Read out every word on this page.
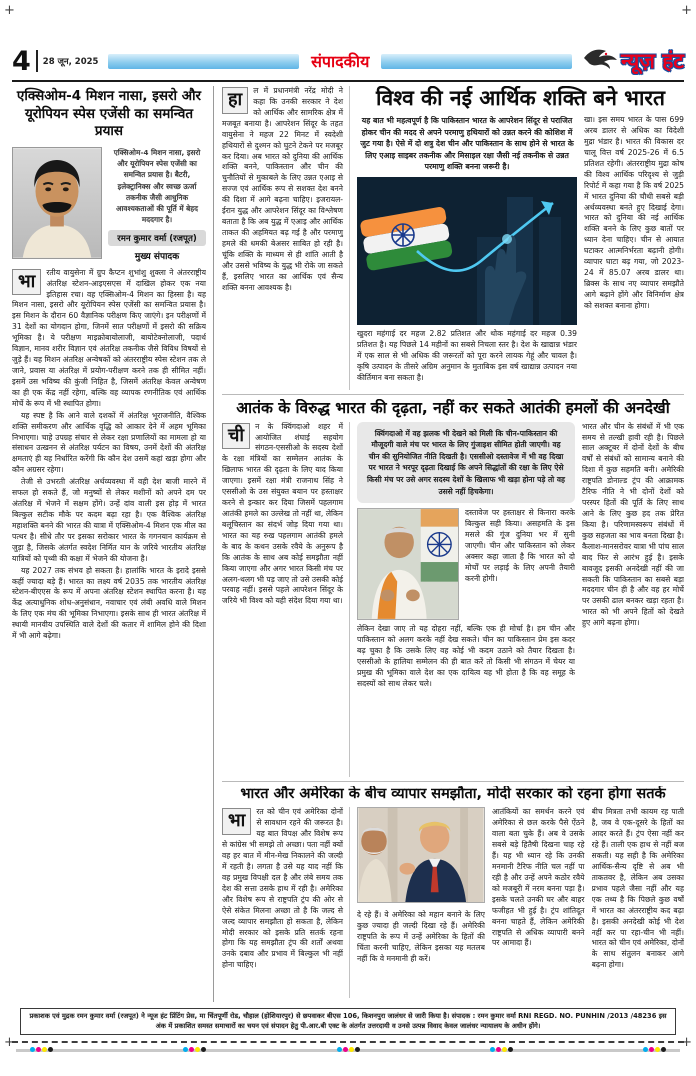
+	+
+	+
4 28 जून, 2025	संपादकीय	न्यूज़ हंट
एक्सिओम-4 मिशन नासा, इसरो और यूरोपियन स्पेस एजेंसी का समन्वित प्रयास
एक्सिओम-4 मिशन नासा, इसरो और यूरोपियन स्पेस एजेंसी का समन्वित प्रयास है। बैटरी, इलेक्ट्रानिक्स और स्वच्छ ऊर्जा तकनीक जैसी आधुनिक आवश्यकताओं की पूर्ति में बेहद मददगार है।
रमन कुमार वर्मा (रजपूत)
मुख्य संपादक

भा	रतीय वायुसेना में ग्रुप कैप्टन शुभांशु शुक्ला ने अंतरराष्ट्रीय अंतरिक्ष स्टेशन-आइएसएस में दाखिल होकर एक नया इतिहास रचा। वह एक्सिओम-4 मिशन का हिस्सा है। यह मिशन नासा, इसरो और यूरोपियन स्पेस एजेंसी का समन्वित प्रयास है। इस मिशन के दौरान 60 वैज्ञानिक परीक्षण किए जाएंगे। इन परीक्षणों में 31 देशों का योगदान होगा, जिनमें सात परीक्षणों में इसरो की सक्रिय भूमिका है। ये परीक्षण माइक्रोबायोलाजी, बायोटेक्नोलाजी, पदार्थ विज्ञान, मानव शरीर विज्ञान एवं अंतरिक्ष तकनीक जैसे विविध विषयों से जुड़े हैं। यह मिशन अंतरिक्ष अन्वेषकों को अंतरराष्ट्रीय स्पेस स्टेशन तक ले जाने, प्रवास या अंतरिक्ष में प्रयोग-परीक्षण करने तक ही सीमित नहीं। इसमें उस भविष्य की कुंजी निहित है, जिसमें अंतरिक्ष केवल अन्वेषण का ही एक केंद्र नहीं रहेगा, बल्कि वह व्यापक रणनीतिक एवं आर्थिक मोर्चे के रूप में भी स्थापित होगा।

यह स्पष्ट है कि आने वाले दशकों में अंतरिक्ष भूराजनीति, वैश्विक शक्ति समीकरण और आर्थिक वृद्धि को आकार देने में अहम भूमिका निभाएगा। चाहे उपग्रह संचार से लेकर रक्षा प्रणालियों का मामला हो या संसाधन उत्खनन से अंतरिक्ष पर्यटन का विषय, उनमें देशों की अंतरिक्ष क्षमताएं ही यह निर्धारित करेंगी कि कौन देश उसमें कहां खड़ा होगा और कौन अग्रसर रहेगा।

तेजी से उभरती अंतरिक्ष अर्थव्यवस्था में वही देश बाजी मारने में सफल हो सकते हैं, जो मनुष्यों से लेकर मशीनों को अपने दम पर अंतरिक्ष में भेजने में सक्षम होंगे। उन्हें दांव वाली इस होड़ में भारत बिल्कुल सटीक मौके पर कदम बढ़ा रहा है। एक वैश्विक अंतरिक्ष महाशक्ति बनने की भारत की यात्रा में एक्सिओम-4 मिशन एक मील का पत्थर है। सीधे तौर पर इसका सरोकार भारत के गगनयान कार्यक्रम से जुड़ा है, जिसके अंतर्गत स्वदेश निर्मित यान के जरिये भारतीय अंतरिक्ष यात्रियों को पृथ्वी की कक्षा में भेजने की योजना है।

यह 2027 तक संभव हो सकता है। हालांकि भारत के इरादे इससे कहीं ज्यादा बड़े हैं। भारत का लक्ष्य वर्ष 2035 तक भारतीय अंतरिक्ष स्टेशन-बीएएस के रूप में अपना अंतरिक्ष स्टेशन स्थापित करना है। यह केंद्र अत्याधुनिक शोध-अनुसंधान, नवाचार एवं लंबी अवधि वाले मिशन के लिए एक मंच की भूमिका निभाएगा। इसके साथ ही भारत अंतरिक्ष में स्थायी मानवीय उपस्थिति वाले देशों की कतार में शामिल होने की दिशा में भी आगे बढ़ेगा।

हा	ल में प्रधानमंत्री नरेंद्र मोदी ने कहा कि उनकी सरकार ने देश को आर्थिक और सामरिक क्षेत्र में मजबूत बनाया है। आपरेशन सिंदूर के तहत वायुसेना ने महज 22 मिनट में स्वदेशी हथियारों से दुश्मन को घुटने टेकने पर मजबूर कर दिया। अब भारत को दुनिया की आर्थिक शक्ति बनने, पाकिस्तान और चीन की चुनौतियों से मुकाबले के लिए उन्नत एआइ से सज्ज एवं आर्थिक रूप से सशक्त देश बनने की दिशा में आगे बढ़ना चाहिए। इजरायल-ईरान युद्ध और आपरेशन सिंदूर का विश्लेषण बताता है कि अब युद्ध में एआइ और आर्थिक ताकत की अहमियत बढ़ गई है और परमाणु हमले की धमकी बेअसर साबित हो रही है। चूंकि शक्ति के माध्यम से ही शांति आती है और उससे भविष्य के युद्ध भी रोके जा सकते हैं, इसलिए भारत का आर्थिक एवं सैन्य शक्ति बनना आवश्यक है।
विश्व की नई आर्थिक शक्ति बने भारत
यह बात भी महत्वपूर्ण है कि पाकिस्तान भारत के आपरेशन सिंदूर से पराजित होकर चीन की मदद से अपने परमाणु हथियारों को उन्नत करने की कोशिश में जुट गया है। ऐसे में दो शत्रु देश चीन और पाकिस्तान के साथ होने से भारत के लिए एआइ साइबर तकनीक और मिसाइल रक्षा जैसी नई तकनीक से उन्नत परमाणु शक्ति बनना जरूरी है।
खुदरा महंगाई दर महज 2.82 प्रतिशत और थोक महंगाई दर महज 0.39 प्रतिशत है। यह पिछले 14 महीनों का सबसे निचला स्तर है। देश के खाद्यान्न भंडार में एक साल से भी अधिक की जरूरतों को पूरा करने लायक गेहूं और चावल है। कृषि उत्पादन के तीसरे अग्रिम अनुमान के मुताबिक इस वर्ष खाद्यान्न उत्पादन नया कीर्तिमान बना सकता है।
खा। इस समय भारत के पास 699 अरब डालर से अधिक का विदेशी मुद्रा भंडार है। भारत की विकास दर चालू वित्त वर्ष 2025-26 में 6.5 प्रतिशत रहेगी। अंतरराष्ट्रीय मुद्रा कोष की विश्व आर्थिक परिदृश्य से जुड़ी रिपोर्ट में कहा गया है कि वर्ष 2025 में भारत दुनिया की चौथी सबसे बड़ी अर्थव्यवस्था बनते हुए दिखाई देगा। भारत को दुनिया की नई आर्थिक शक्ति बनने के लिए कुछ बातों पर ध्यान देना चाहिए। चीन से आयात घटाकर आत्मनिर्भरता बढ़ानी होगी। व्यापार घाटा बढ़ गया, जो 2023-24 में 85.07 अरब डालर था। ब्रिक्स के साथ नए व्यापार समझौते आगे बढ़ाने होंगे और विनिर्माण क्षेत्र को सशक्त बनाना होगा।
आतंक के विरुद्ध भारत की दृढ़ता, नहीं कर सकते आतंकी हमलों की अनदेखी
ची	न के क्विंगदाओ शहर में आयोजित शंघाई सहयोग संगठन-एससीओ के सदस्य देशों के रक्षा मंत्रियों का सम्मेलन आतंक के खिलाफ भारत की दृढ़ता के लिए याद किया जाएगा। इसमें रक्षा मंत्री राजनाथ सिंह ने एससीओ के उस संयुक्त बयान पर हस्ताक्षर करने से इन्कार कर दिया जिसमें पहलगाम आतंकी हमले का उल्लेख तो नहीं था, लेकिन बलूचिस्तान का संदर्भ जोड़ दिया गया था। भारत का यह रुख पहलगाम आतंकी हमले के बाद के कथन उसके रवैये के अनुरूप है कि आतंक के साथ अब कोई समझौता नहीं किया जाएगा और अगर भारत किसी मंच पर अलग-थलग भी पड़ जाए तो उसे उसकी कोई परवाह नहीं। इससे पहले आपरेशन सिंदूर के जरिये भी विश्व को यही संदेश दिया गया था।
क्विंगदाओ में वह झलक भी देखने को मिली कि चीन-पाकिस्तान की मौजूदगी वाले मंच पर भारत के लिए गुंजाइश सीमित होती जाएगी। वह चीन की सुनियोजित नीति दिखती है। एससीओ दस्तावेज में भी वह दिखा पर भारत ने भरपूर दृढ़ता दिखाई कि अपने सिद्धांतों की रक्षा के लिए ऐसे किसी मंच पर उसे अगर सदस्य देशों के खिलाफ भी खड़ा होना पड़े तो वह उससे नहीं हिचकेगा।
दस्तावेज पर हस्ताक्षर से किनारा करके बिल्कुल सही किया। असहमति के इस मसले की गूंज दुनिया भर में सुनी जाएगी। चीन और पाकिस्तान को लेकर अक्सर कहा जाता है कि भारत को दो मोर्चों पर लड़ाई के लिए अपनी तैयारी करनी होगी।
लेकिन देखा जाए तो यह दोहरा नहीं, बल्कि एक ही मोर्चा है। हम चीन और पाकिस्तान को अलग करके नहीं देख सकते। चीन का पाकिस्तान प्रेम इस कदर बढ़ चुका है कि उसके लिए वह कोई भी कदम उठाने को तैयार दिखता है। एससीओ के हालिया सम्मेलन की ही बात करें तो किसी भी संगठन में चेयर या प्रमुख की भूमिका वाले देश का एक दायित्व यह भी होता है कि वह समूह के सदस्यों को साथ लेकर चले।
भारत और चीन के संबंधों में भी एक समय से तल्खी हावी रही है। पिछले साल अक्टूबर में दोनों देशों के बीच वर्षों से संबंधों को सामान्य बनाने की दिशा में कुछ सहमति बनी। अमेरिकी राष्ट्रपति डोनाल्ड ट्रंप की आक्रामक टैरिफ नीति ने भी दोनों देशों को परस्पर हितों की पूर्ति के लिए साथ आने के लिए कुछ हद तक प्रेरित किया है। परिणामस्वरूप संबंधों में कुछ सहजता का भाव बनता दिखा है। कैलाश-मानसरोवर यात्रा भी पांच साल बाद फिर से आरंभ हुई है। इसके बावजूद इसकी अनदेखी नहीं की जा सकती कि पाकिस्तान का सबसे बड़ा मददगार चीन ही है और वह हर मोर्चे पर उसकी ढाल बनकर खड़ा रहता है। भारत को भी अपने हितों को देखते हुए आगे बढ़ना होगा।
भारत और अमेरिका के बीच व्यापार समझौता, मोदी सरकार को रहना होगा सतर्क
भा	रत को चीन एवं अमेरिका दोनों से सावधान रहने की जरूरत है। यह बात विपक्ष और विशेष रूप से कांग्रेस भी समझे तो अच्छा। पता नहीं क्यों वह हर बात में मीन-मेख निकालने की जल्दी में रहती है। लगता है उसे यह याद नहीं कि वह प्रमुख विपक्षी दल है और लंबे समय तक देश की सत्ता उसके हाथ में रही है। अमेरिका और विशेष रूप से राष्ट्रपति ट्रंप की ओर से ऐसे संकेत मिलना अच्छा तो है कि जल्द से जल्द व्यापार समझौता हो सकता है, लेकिन मोदी सरकार को इसके प्रति सतर्क रहना होगा कि यह समझौता ट्रंप की शर्तों अथवा उनके दबाव और प्रभाव में बिल्कुल भी नहीं होना चाहिए।
दे रहे हैं। वे अमेरिका को महान बनाने के लिए कुछ ज्यादा ही जल्दी दिखा रहे हैं। अमेरिकी राष्ट्रपति के रूप में उन्हें अमेरिका के हितों की चिंता करनी चाहिए, लेकिन इसका यह मतलब नहीं कि वे मनमानी ही करें।
आतंकियों का समर्थन करने एवं अमेरिका से छल करके पैसे ऐंठने वाला बता चुके हैं। अब वे उसके सबसे बड़े हितैषी दिखना चाह रहे हैं। यह भी ध्यान रहे कि उनकी मनमानी टैरिफ नीति चल नहीं पा रही है और उन्हें अपने कठोर रवैये को मजबूरी में नरम बनना पड़ा है। इसके चलते उनकी घर और बाहर फजीहत भी हुई है। ट्रंप शांतिदूत बनना चाहते हैं, लेकिन अमेरिकी राष्ट्रपति से अधिक व्यापारी बनने पर आमादा हैं।
बीच मित्रता तभी कायम रह पाती है, जब वे एक-दूसरे के हितों का आदर करते हैं। ट्रंप ऐसा नहीं कर रहे हैं। ताली एक हाथ से नहीं बज सकती। यह सही है कि अमेरिका आर्थिक-सैन्य दृष्टि से अब भी ताकतवर है, लेकिन अब उसका प्रभाव पहले जैसा नहीं और यह एक तथ्य है कि पिछले कुछ वर्षों में भारत का अंतरराष्ट्रीय कद बढ़ा है। इसकी अनदेखी कोई भी देश नहीं कर पा रहा-चीन भी नहीं। भारत को चीन एवं अमेरिका, दोनों के साथ संतुलन बनाकर आगे बढ़ना होगा।
प्रकाशक एवं मुद्रक रमन कुमार वर्मा (रजपूत) ने न्यूज हंट प्रिंटिंग प्रेस, मा चिंतपूर्णी रोड, चौहाल (होशियारपुर) से छपवाकर बीएस 106, किशनपुरा जालंधर से जारी किया है। संपादक : रमन कुमार वर्मा RNI REGD. NO. PUNHIN /2013 /48236 इस अंक में प्रकाशित समस्त समाचारों का चयन एवं संपादन हेतु पी.आर.बी एक्ट के अंतर्गत उत्तरदायी व उनसे उत्पन्न विवाद केवल जालंधर न्यायालय के अधीन होंगे।
